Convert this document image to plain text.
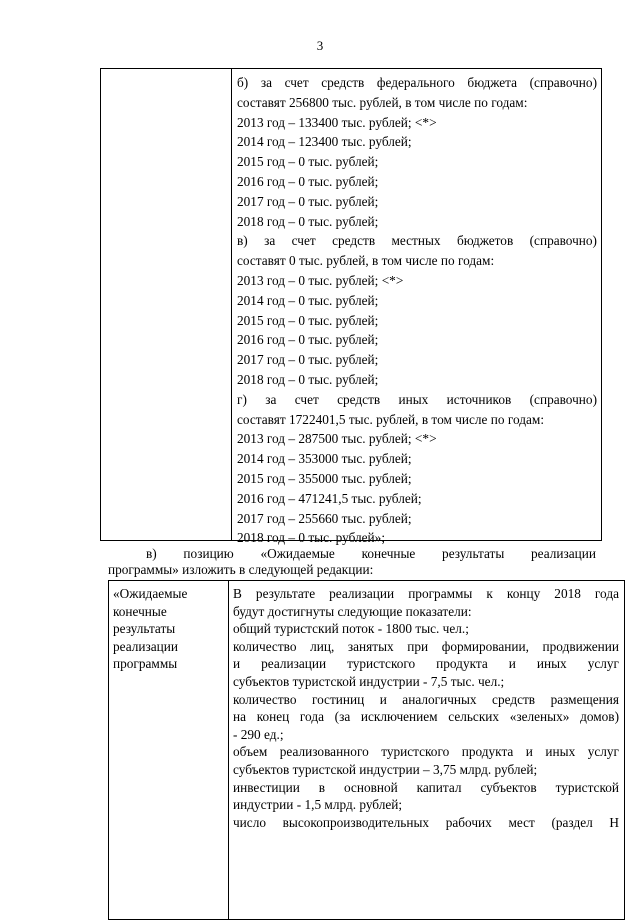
3
б) за счет средств федерального бюджета (справочно)
составят 256800 тыс. рублей, в том числе по годам:
2013 год – 133400 тыс. рублей; <*>
2014 год – 123400 тыс. рублей;
2015 год – 0 тыс. рублей;
2016 год – 0 тыс. рублей;
2017 год – 0 тыс. рублей;
2018 год – 0 тыс. рублей;
в) за счет средств местных бюджетов (справочно)
составят 0 тыс. рублей, в том числе по годам:
2013 год – 0 тыс. рублей; <*>
2014 год – 0 тыс. рублей;
2015 год – 0 тыс. рублей;
2016 год – 0 тыс. рублей;
2017 год – 0 тыс. рублей;
2018 год – 0 тыс. рублей;
г) за счет средств иных источников (справочно)
составят 1722401,5 тыс. рублей, в том числе по годам:
2013 год – 287500 тыс. рублей; <*>
2014 год – 353000 тыс. рублей;
2015 год – 355000 тыс. рублей;
2016 год – 471241,5 тыс. рублей;
2017 год – 255660 тыс. рублей;
2018 год – 0 тыс. рублей»;
в) позицию «Ожидаемые конечные результаты реализации
программы» изложить в следующей редакции:
«Ожидаемые
конечные
результаты
реализации
программы
В результате реализации программы к концу 2018 года
будут достигнуты следующие показатели:
общий туристский поток - 1800 тыс. чел.;
количество лиц, занятых при формировании, продвижении
и реализации туристского продукта и иных услуг
субъектов туристской индустрии - 7,5 тыс. чел.;
количество гостиниц и аналогичных средств размещения
на конец года (за исключением сельских «зеленых» домов)
- 290 ед.;
объем реализованного туристского продукта и иных услуг
субъектов туристской индустрии – 3,75 млрд. рублей;
инвестиции в основной капитал субъектов туристской
индустрии - 1,5 млрд. рублей;
число высокопроизводительных рабочих мест (раздел Н
